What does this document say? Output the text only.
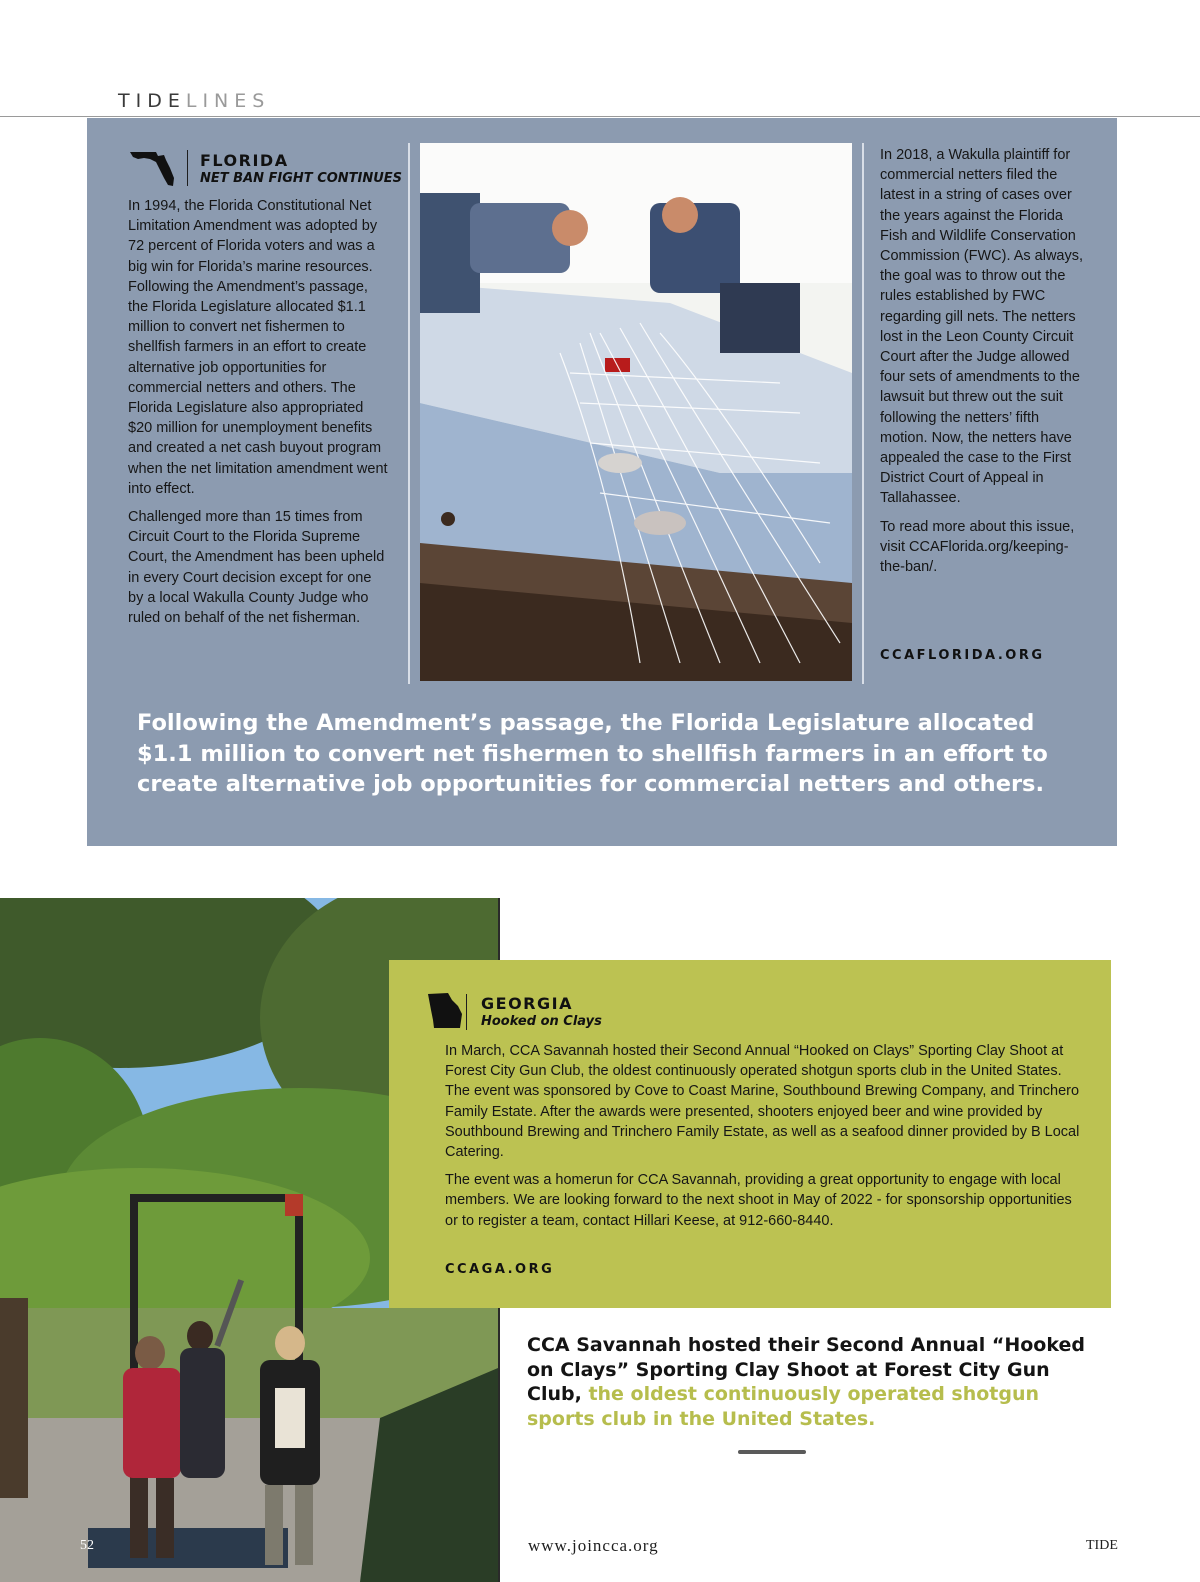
TIDELINES
FLORIDA
NET BAN FIGHT CONTINUES

In 1994, the Florida Constitutional Net Limitation Amendment was adopted by 72 percent of Florida voters and was a big win for Florida’s marine resources. Following the Amendment’s passage, the Florida Legislature allocated $1.1 million to convert net fishermen to shellfish farmers in an effort to create alternative job opportunities for commercial netters and others. The Florida Legislature also appropriated $20 million for unemployment benefits and created a net cash buyout program when the net limitation amendment went into effect.

Challenged more than 15 times from Circuit Court to the Florida Supreme Court, the Amendment has been upheld in every Court decision except for one by a local Wakulla County Judge who ruled on behalf of the net fisherman.

In 2018, a Wakulla plaintiff for commercial netters filed the latest in a string of cases over the years against the Florida Fish and Wildlife Conservation Commission (FWC). As always, the goal was to throw out the rules established by FWC regarding gill nets. The netters lost in the Leon County Circuit Court after the Judge allowed four sets of amendments to the lawsuit but threw out the suit following the netters’ fifth motion. Now, the netters have appealed the case to the First District Court of Appeal in Tallahassee.

To read more about this issue, visit CCAFlorida.org/keeping-the-ban/.

CCAFLORIDA.ORG
Following the Amendment’s passage, the Florida Legislature allocated $1.1 million to convert net fishermen to shellfish farmers in an effort to create alternative job opportunities for commercial netters and others.
GEORGIA
Hooked on Clays

In March, CCA Savannah hosted their Second Annual “Hooked on Clays” Sporting Clay Shoot at Forest City Gun Club, the oldest continuously operated shotgun sports club in the United States. The event was sponsored by Cove to Coast Marine, Southbound Brewing Company, and Trinchero Family Estate. After the awards were presented, shooters enjoyed beer and wine provided by Southbound Brewing and Trinchero Family Estate, as well as a seafood dinner provided by B Local Catering.

The event was a homerun for CCA Savannah, providing a great opportunity to engage with local members. We are looking forward to the next shoot in May of 2022 - for sponsorship opportunities or to register a team, contact Hillari Keese, at 912-660-8440.

CCAGA.ORG
CCA Savannah hosted their Second Annual “Hooked on Clays” Sporting Clay Shoot at Forest City Gun Club, the oldest continuously operated shotgun sports club in the United States.
52	www.joincca.org	TIDE
